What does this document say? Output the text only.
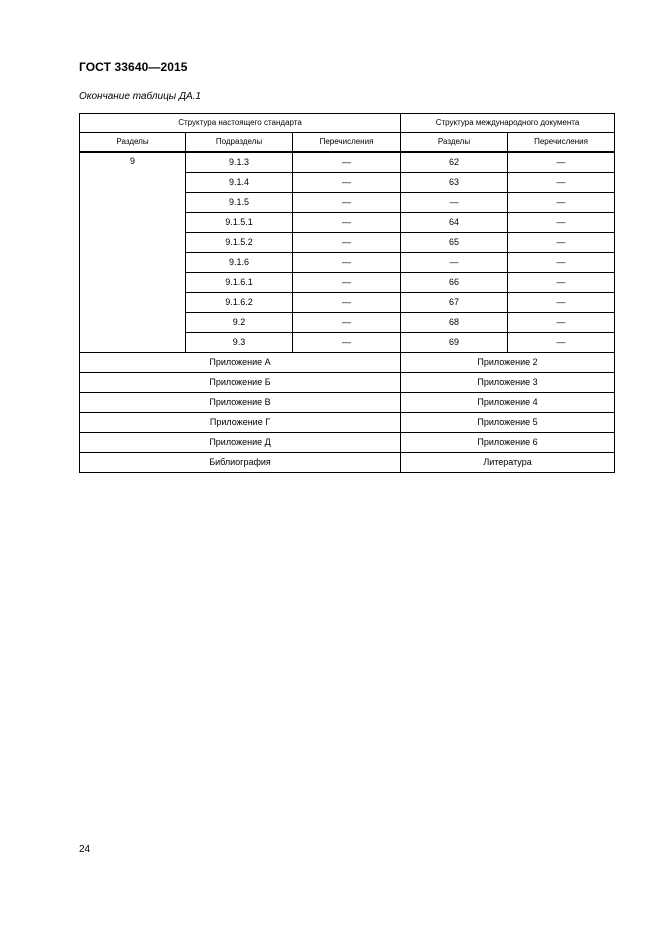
ГОСТ 33640—2015
Окончание таблицы ДА.1
Структура настоящего стандарта			Структура международного документа	
Разделы	Подразделы	Перечисления	Разделы	Перечисления
9	9.1.3	—	62	—
	9.1.4	—	63	—
	9.1.5	—	—	—
	9.1.5.1	—	64	—
	9.1.5.2	—	65	—
	9.1.6	—	—	—
	9.1.6.1	—	66	—
	9.1.6.2	—	67	—
	9.2	—	68	—
	9.3	—	69	—
Приложение А			Приложение 2	
Приложение Б			Приложение 3	
Приложение В			Приложение 4	
Приложение Г			Приложение 5	
Приложение Д			Приложение 6	
Библиография			Литература	
24
